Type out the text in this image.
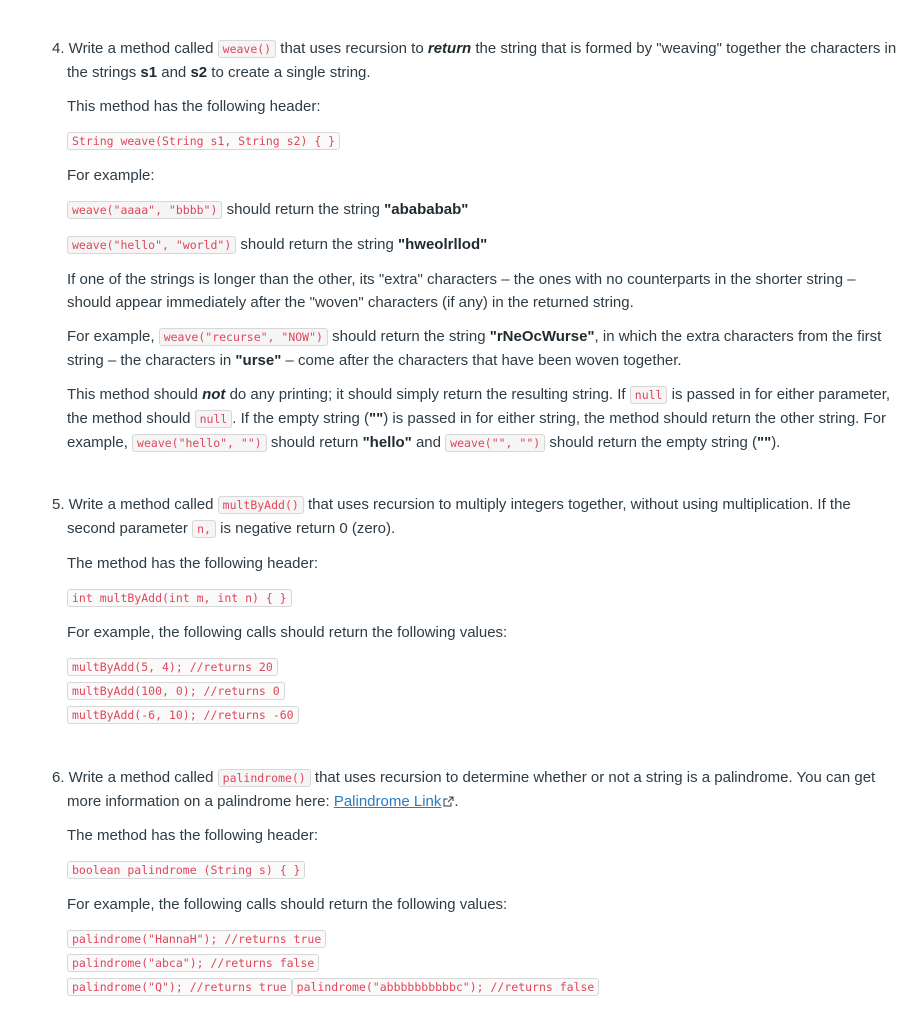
4. Write a method called weave() that uses recursion to return the string that is formed by "weaving" together the characters in
the strings s1 and s2 to create a single string.
This method has the following header:
String weave(String s1, String s2) { }
For example:
weave("aaaa", "bbbb") should return the string "abababab"
weave("hello", "world") should return the string "hweolrllod"
If one of the strings is longer than the other, its "extra" characters – the ones with no counterparts in the shorter string –
should appear immediately after the "woven" characters (if any) in the returned string.
For example, weave("recurse", "NOW") should return the string "rNeOcWurse", in which the extra characters from the first
string – the characters in "urse" – come after the characters that have been woven together.
This method should not do any printing; it should simply return the resulting string. If null is passed in for either parameter,
the method should null . If the empty string ("") is passed in for either string, the method should return the other string. For
example, weave("hello", "") should return "hello" and weave("", "") should return the empty string ("").
5. Write a method called multByAdd() that uses recursion to multiply integers together, without using multiplication. If the
second parameter n, is negative return 0 (zero).
The method has the following header:
int multByAdd(int m, int n) { }
For example, the following calls should return the following values:
multByAdd(5, 4); //returns 20
multByAdd(100, 0); //returns 0
multByAdd(-6, 10); //returns -60
6. Write a method called palindrome() that uses recursion to determine whether or not a string is a palindrome. You can get
more information on a palindrome here: Palindrome Link .
The method has the following header:
boolean palindrome (String s) { }
For example, the following calls should return the following values:
palindrome("HannaH"); //returns true
palindrome("abca"); //returns false
palindrome("Q"); //returns true palindrome("abbbbbbbbbbc"); //returns false
